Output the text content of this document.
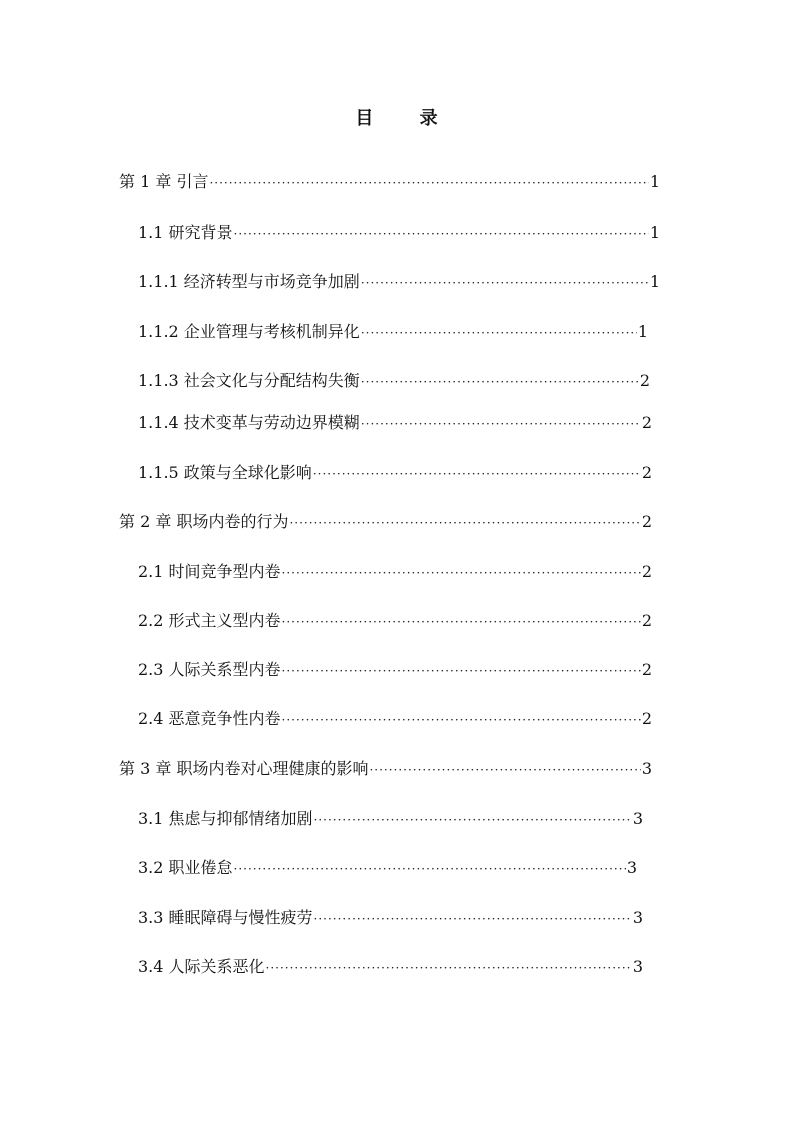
目 录
第 1 章 引言 ·····	1
1.1 研究背景 ·····	1
1.1.1 经济转型与市场竞争加剧 ·····	1
1.1.2 企业管理与考核机制异化 ·····	1
1.1.3 社会文化与分配结构失衡 ·····	2
1.1.4 技术变革与劳动边界模糊 ·····	2
1.1.5 政策与全球化影响 ·····	2
第 2 章 职场内卷的行为 ·····	2
2.1 时间竞争型内卷 ·····	2
2.2 形式主义型内卷 ·····	2
2.3 人际关系型内卷 ·····	2
2.4 恶意竞争性内卷 ·····	2
第 3 章 职场内卷对心理健康的影响 ·····	3
3.1 焦虑与抑郁情绪加剧 ·····	3
3.2 职业倦怠 ·····	3
3.3 睡眠障碍与慢性疲劳 ·····	3
3.4 人际关系恶化 ·····	3
